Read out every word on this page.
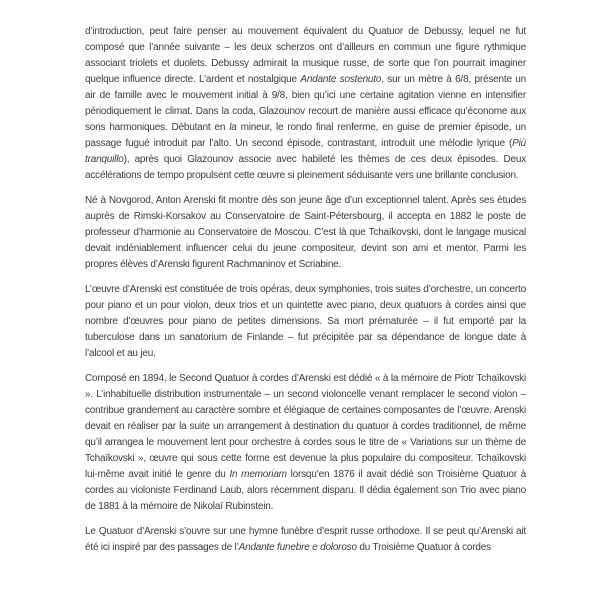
d’introduction, peut faire penser au mouvement équivalent du Quatuor de Debussy, lequel ne fut composé que l’année suivante – les deux scherzos ont d’ailleurs en commun une figure rythmique associant triolets et duolets. Debussy admirait la musique russe, de sorte que l’on pourrait imaginer quelque influence directe. L’ardent et nostalgique Andante sostenuto, sur un mètre à 6/8, présente un air de famille avec le mouvement initial à 9/8, bien qu’ici une certaine agitation vienne en intensifier périodiquement le climat. Dans la coda, Glazounov recourt de manière aussi efficace qu’économe aux sons harmoniques. Débutant en la mineur, le rondo final renferme, en guise de premier épisode, un passage fugué introduit par l’alto. Un second épisode, contrastant, introduit une mélodie lyrique (Più tranquillo), après quoi Glazounov associe avec habileté les thèmes de ces deux épisodes. Deux accélérations de tempo propulsent cette œuvre si pleinement séduisante vers une brillante conclusion.

Né à Novgorod, Anton Arenski fit montre dès son jeune âge d’un exceptionnel talent. Après ses études auprès de Rimski-Korsakov au Conservatoire de Saint-Pétersbourg, il accepta en 1882 le poste de professeur d’harmonie au Conservatoire de Moscou. C’est là que Tchaïkovski, dont le langage musical devait indéniablement influencer celui du jeune compositeur, devint son ami et mentor. Parmi les propres élèves d’Arenski figurent Rachmaninov et Scriabine.

L’œuvre d’Arenski est constituée de trois opéras, deux symphonies, trois suites d’orchestre, un concerto pour piano et un pour violon, deux trios et un quintette avec piano, deux quatuors à cordes ainsi que nombre d’œuvres pour piano de petites dimensions. Sa mort prématurée – il fut emporté par la tuberculose dans un sanatorium de Finlande – fut précipitée par sa dépendance de longue date à l’alcool et au jeu.

Composé en 1894, le Second Quatuor à cordes d’Arenski est dédié « à la mémoire de Piotr Tchaïkovski ». L’inhabituelle distribution instrumentale – un second violoncelle venant remplacer le second violon – contribue grandement au caractère sombre et élégiaque de certaines composantes de l’œuvre. Arenski devait en réaliser par la suite un arrangement à destination du quatuor à cordes traditionnel, de même qu’il arrangea le mouvement lent pour orchestre à cordes sous le titre de « Variations sur un thème de Tchaïkovski », œuvre qui sous cette forme est devenue la plus populaire du compositeur. Tchaïkovski lui-même avait initié le genre du In memoriam lorsqu’en 1876 il avait dédié son Troisième Quatuor à cordes au violoniste Ferdinand Laub, alors récemment disparu. Il dédia également son Trio avec piano de 1881 à la mémoire de Nikolaï Rubinstein.

Le Quatuor d’Arenski s’ouvre sur une hymne funèbre d’esprit russe orthodoxe. Il se peut qu’Arenski ait été ici inspiré par des passages de l’Andante funebre e doloroso du Troisième Quatuor à cordes
